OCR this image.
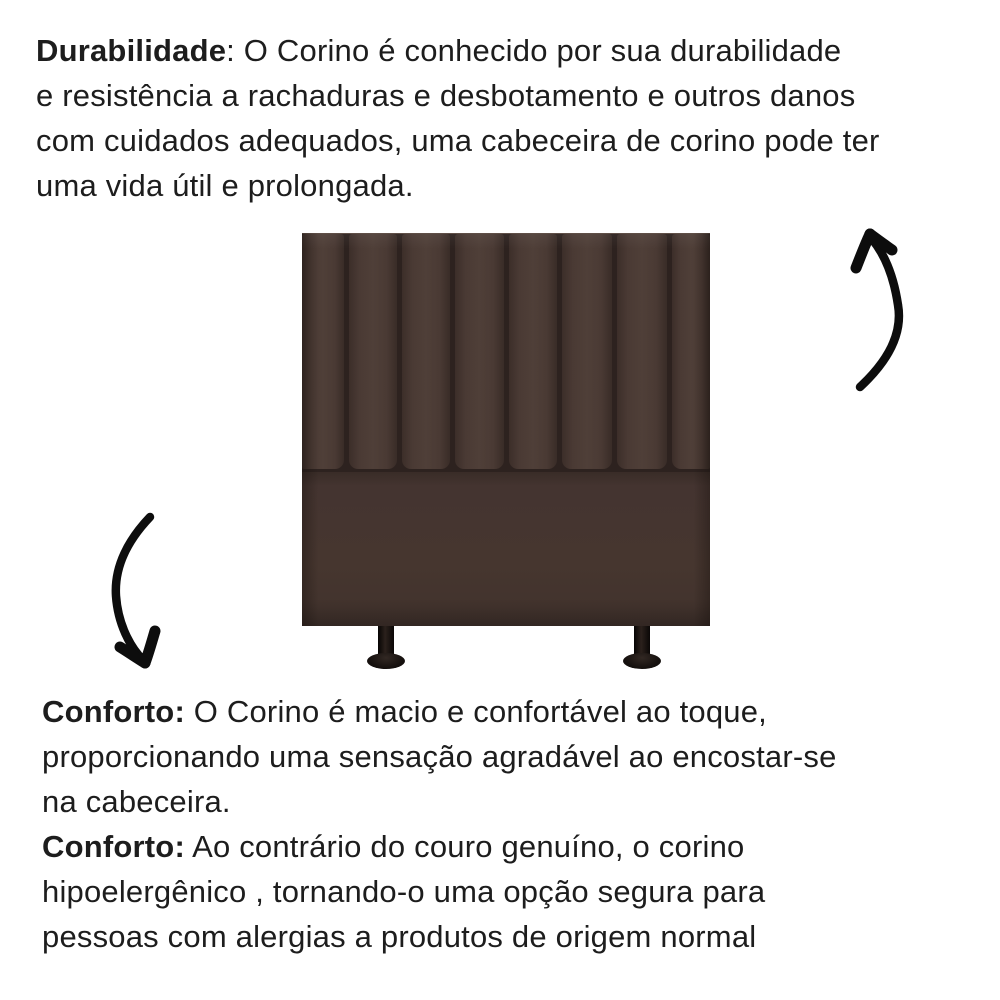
Durabilidade: O Corino é conhecido por sua durabilidade
e resistência a rachaduras e desbotamento e outros danos
com cuidados adequados, uma cabeceira de corino pode ter
uma vida útil e prolongada.
Conforto: O Corino é macio e confortável ao toque,
proporcionando uma sensação agradável ao encostar-se
na cabeceira.
Conforto: Ao contrário do couro genuíno, o corino
hipoelergênico , tornando-o uma opção segura para
pessoas com alergias a produtos de origem normal
